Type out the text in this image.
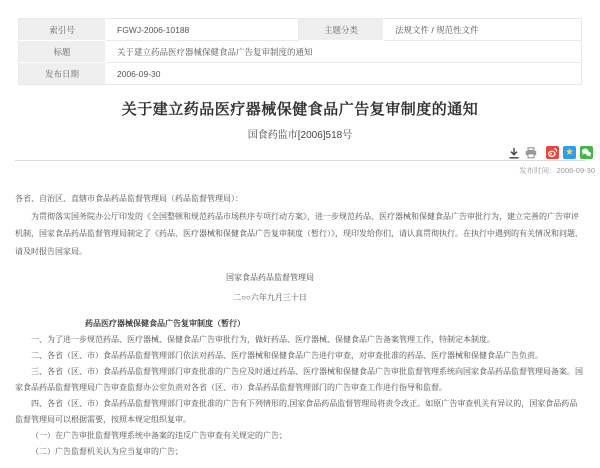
索引号	FGWJ-2006-10188	主题分类	法规文件 / 规范性文件
标题	关于建立药品医疗器械保健食品广告复审制度的通知		
发布日期	2006-09-30		
关于建立药品医疗器械保健食品广告复审制度的通知
国食药监市[2006]518号
★
发布时间：2006-09-30

各省、自治区、直辖市食品药品监督管理局（药品监督管理局）：

为贯彻落实国务院办公厅印发的《全国整顿和规范药品市场秩序专项行动方案》，进一步规范药品、医疗器械和保健食品广告审批行为，建立完善的广告审评机制，国家食品药品监督管理局制定了《药品、医疗器械和保健食品广告复审制度（暂行）》，现印发给你们，请认真贯彻执行。在执行中遇到的有关情况和问题,请及时报告国家局。

国家食品药品监督管理局
二○○六年九月三十日
药品医疗器械保健食品广告复审制度（暂行）

一、为了进一步规范药品、医疗器械、保健食品广告审批行为，做好药品、医疗器械、保健食品广告备案管理工作，特制定本制度。

二、各省（区、市）食品药品监督管理部门依法对药品、医疗器械和保健食品广告进行审查，对审查批准的药品、医疗器械和保健食品广告负责。

三、各省（区、市）食品药品监督管理部门审查批准的广告应及时通过药品、医疗器械和保健食品广告审批监督管理系统向国家食品药品监督管理局备案。国家食品药品监督管理局广告审查监督办公室负责对各省（区、市）食品药品监督管理部门的广告审查工作进行指导和监督。

四、各省（区、市）食品药品监督管理部门审查批准的广告有下列情形的,国家食品药品监督管理局将责令改正。如原广告审查机关有异议的，国家食品药品监督管理局可以根据需要，按照本规定组织复审。

（一）在广告审批监督管理系统中备案的违反广告审查有关规定的广告；

（二）广告监督机关认为应当复审的广告；
